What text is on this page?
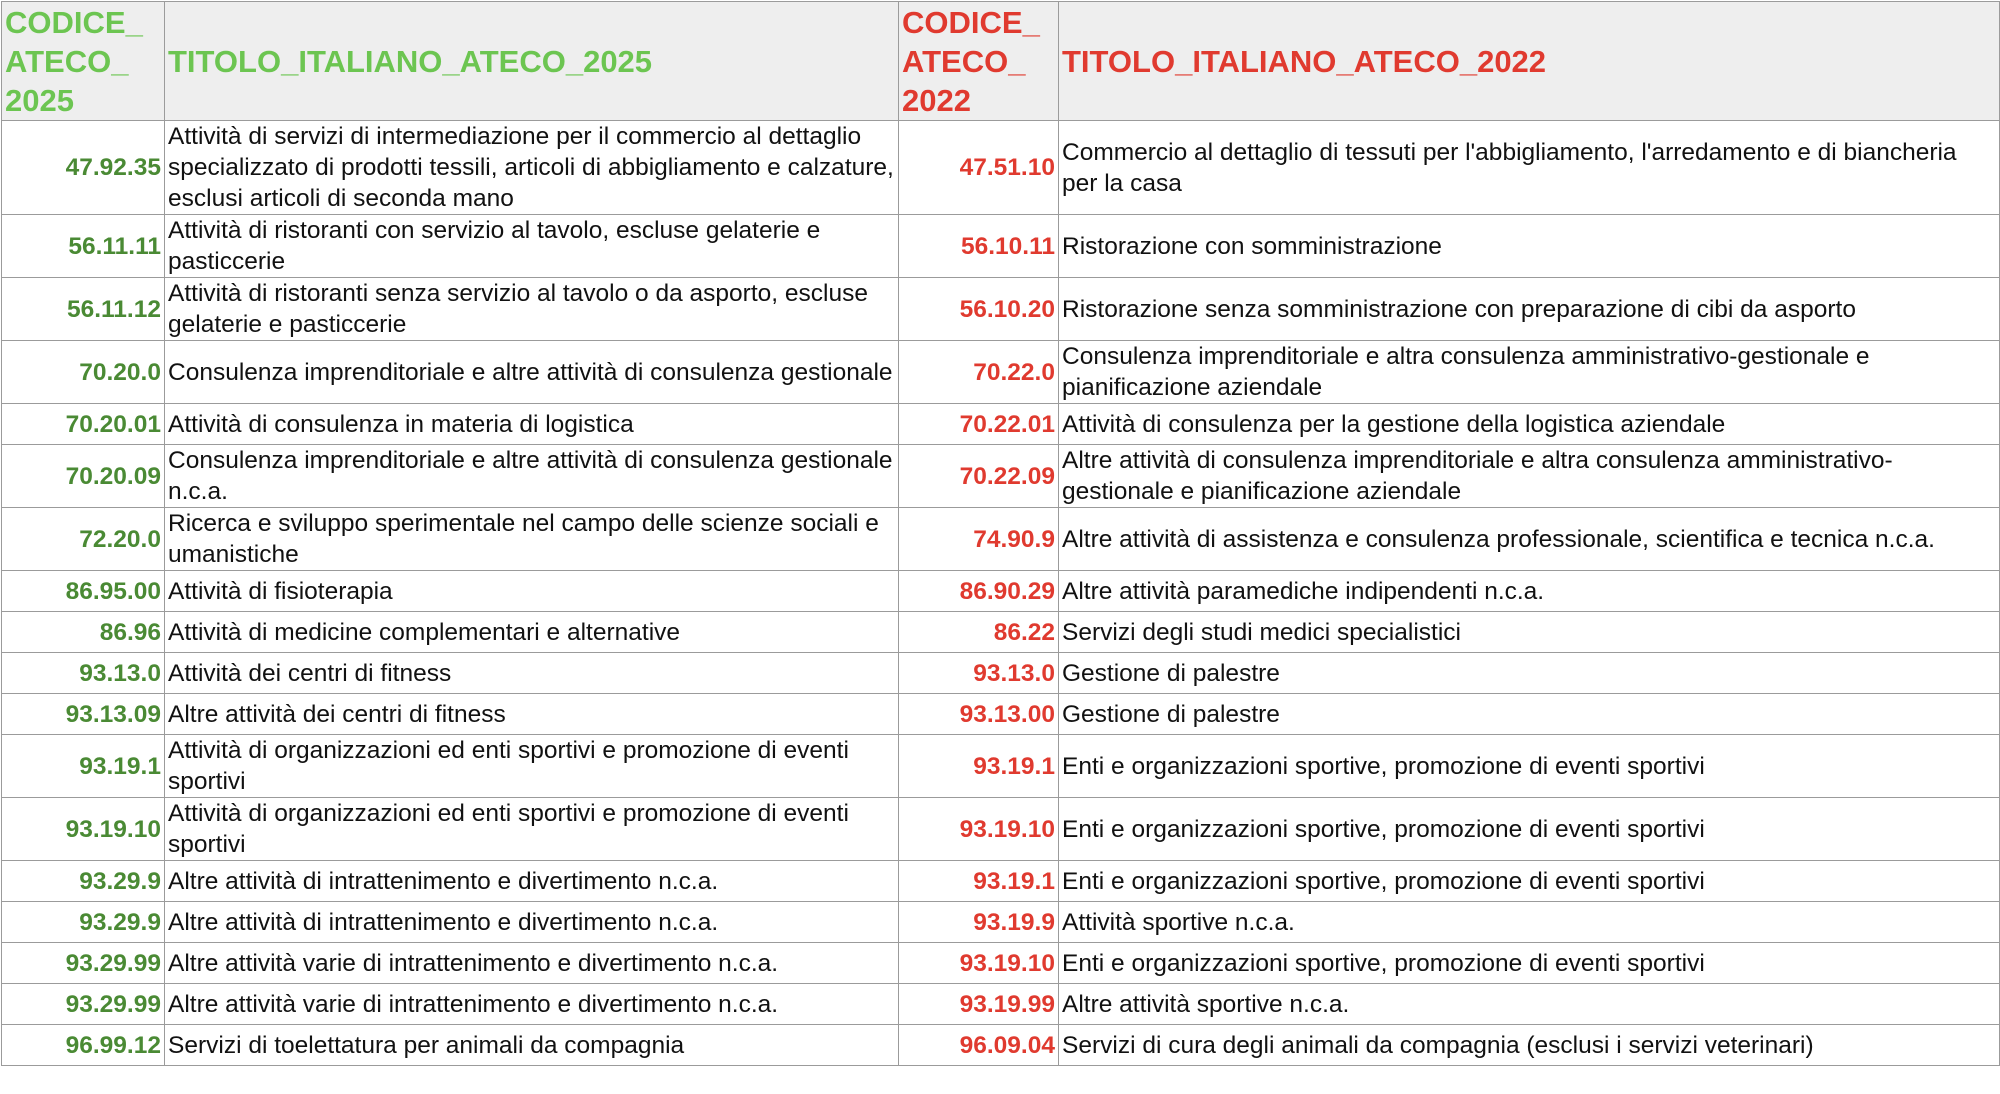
CODICE_ ATECO_ 2025	TITOLO_ITALIANO_ATECO_2025	CODICE_ ATECO_ 2022	TITOLO_ITALIANO_ATECO_2022
47.92.35	Attività di servizi di intermediazione per il commercio al dettaglio specializzato di prodotti tessili, articoli di abbigliamento e calzature, esclusi articoli di seconda mano	47.51.10	Commercio al dettaglio di tessuti per l'abbigliamento, l'arredamento e di biancheria per la casa
56.11.11	Attività di ristoranti con servizio al tavolo, escluse gelaterie e pasticcerie	56.10.11	Ristorazione con somministrazione
56.11.12	Attività di ristoranti senza servizio al tavolo o da asporto, escluse gelaterie e pasticcerie	56.10.20	Ristorazione senza somministrazione con preparazione di cibi da asporto
70.20.0	Consulenza imprenditoriale e altre attività di consulenza gestionale	70.22.0	Consulenza imprenditoriale e altra consulenza amministrativo-gestionale e pianificazione aziendale
70.20.01	Attività di consulenza in materia di logistica	70.22.01	Attività di consulenza per la gestione della logistica aziendale
70.20.09	Consulenza imprenditoriale e altre attività di consulenza gestionale n.c.a.	70.22.09	Altre attività di consulenza imprenditoriale e altra consulenza amministrativo-gestionale e pianificazione aziendale
72.20.0	Ricerca e sviluppo sperimentale nel campo delle scienze sociali e umanistiche	74.90.9	Altre attività di assistenza e consulenza professionale, scientifica e tecnica n.c.a.
86.95.00	Attività di fisioterapia	86.90.29	Altre attività paramediche indipendenti n.c.a.
86.96	Attività di medicine complementari e alternative	86.22	Servizi degli studi medici specialistici
93.13.0	Attività dei centri di fitness	93.13.0	Gestione di palestre
93.13.09	Altre attività dei centri di fitness	93.13.00	Gestione di palestre
93.19.1	Attività di organizzazioni ed enti sportivi e promozione di eventi sportivi	93.19.1	Enti e organizzazioni sportive, promozione di eventi sportivi
93.19.10	Attività di organizzazioni ed enti sportivi e promozione di eventi sportivi	93.19.10	Enti e organizzazioni sportive, promozione di eventi sportivi
93.29.9	Altre attività di intrattenimento e divertimento n.c.a.	93.19.1	Enti e organizzazioni sportive, promozione di eventi sportivi
93.29.9	Altre attività di intrattenimento e divertimento n.c.a.	93.19.9	Attività sportive n.c.a.
93.29.99	Altre attività varie di intrattenimento e divertimento n.c.a.	93.19.10	Enti e organizzazioni sportive, promozione di eventi sportivi
93.29.99	Altre attività varie di intrattenimento e divertimento n.c.a.	93.19.99	Altre attività sportive n.c.a.
96.99.12	Servizi di toelettatura per animali da compagnia	96.09.04	Servizi di cura degli animali da compagnia (esclusi i servizi veterinari)
